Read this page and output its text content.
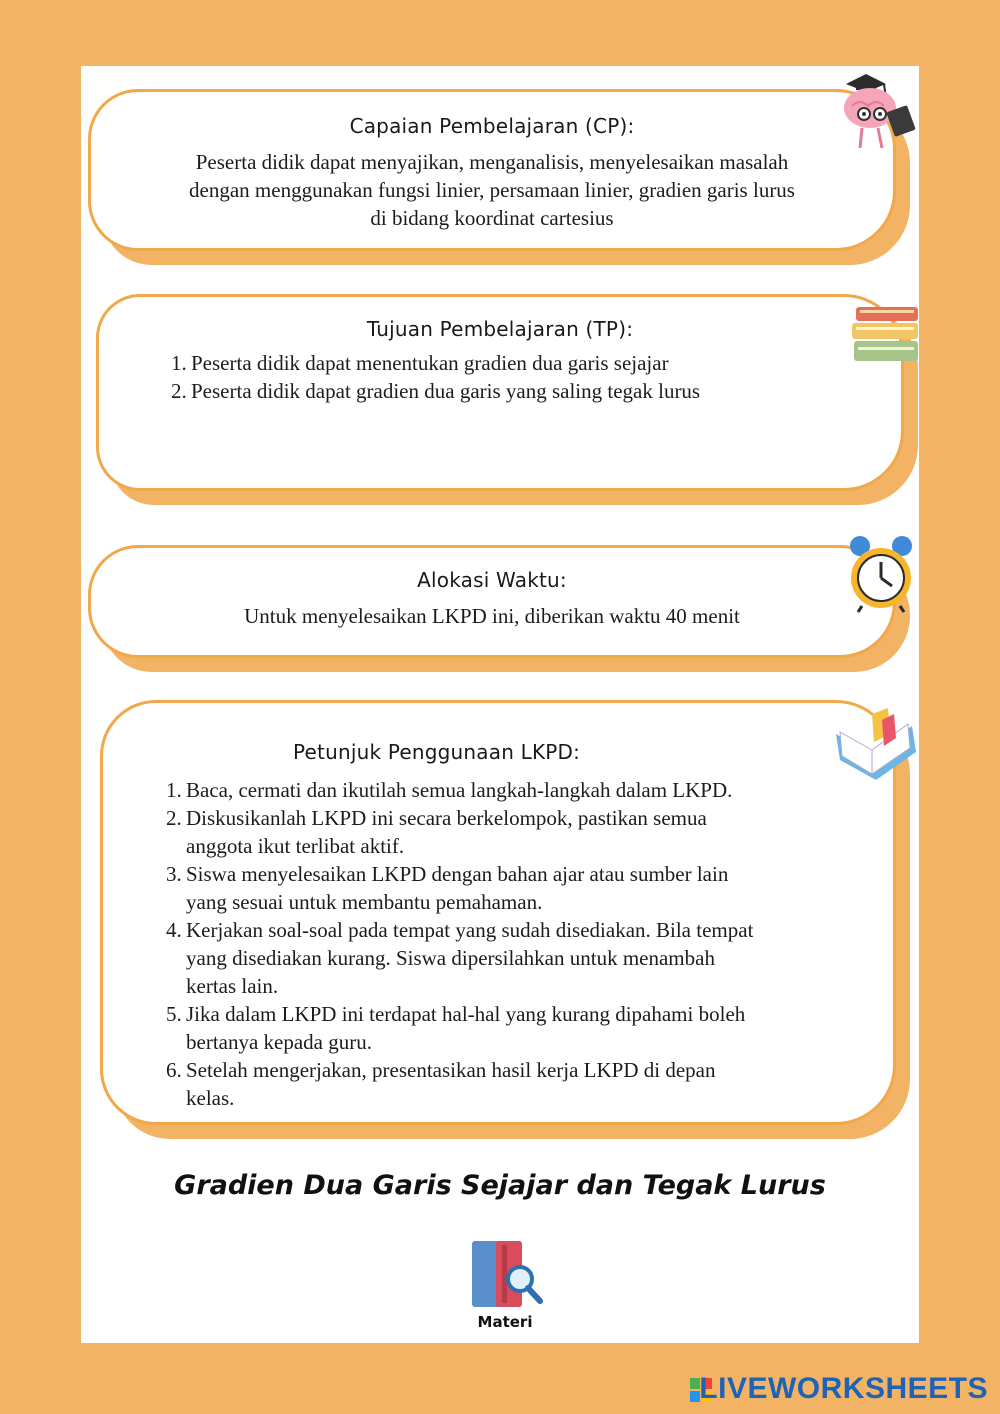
Capaian Pembelajaran (CP):
Peserta didik dapat menyajikan, menganalisis, menyelesaikan masalah
dengan menggunakan fungsi linier, persamaan linier, gradien garis lurus
di bidang koordinat cartesius
Tujuan Pembelajaran (TP):
1. Peserta didik dapat menentukan gradien dua garis sejajar
2. Peserta didik dapat gradien dua garis yang saling tegak lurus
Alokasi Waktu:
Untuk menyelesaikan LKPD ini, diberikan waktu 40 menit
Petunjuk Penggunaan LKPD:
1. Baca, cermati dan ikutilah semua langkah-langkah dalam LKPD.
2. Diskusikanlah LKPD ini secara berkelompok, pastikan semua
anggota ikut terlibat aktif.
3. Siswa menyelesaikan LKPD dengan bahan ajar atau sumber lain
yang sesuai untuk membantu pemahaman.
4. Kerjakan soal-soal pada tempat yang sudah disediakan. Bila tempat
yang disediakan kurang. Siswa dipersilahkan untuk menambah
kertas lain.
5. Jika dalam LKPD ini terdapat hal-hal yang kurang dipahami boleh
bertanya kepada guru.
6. Setelah mengerjakan, presentasikan hasil kerja LKPD di depan
kelas.
Gradien Dua Garis Sejajar dan Tegak Lurus
Materi
LIVEWORKSHEETS
